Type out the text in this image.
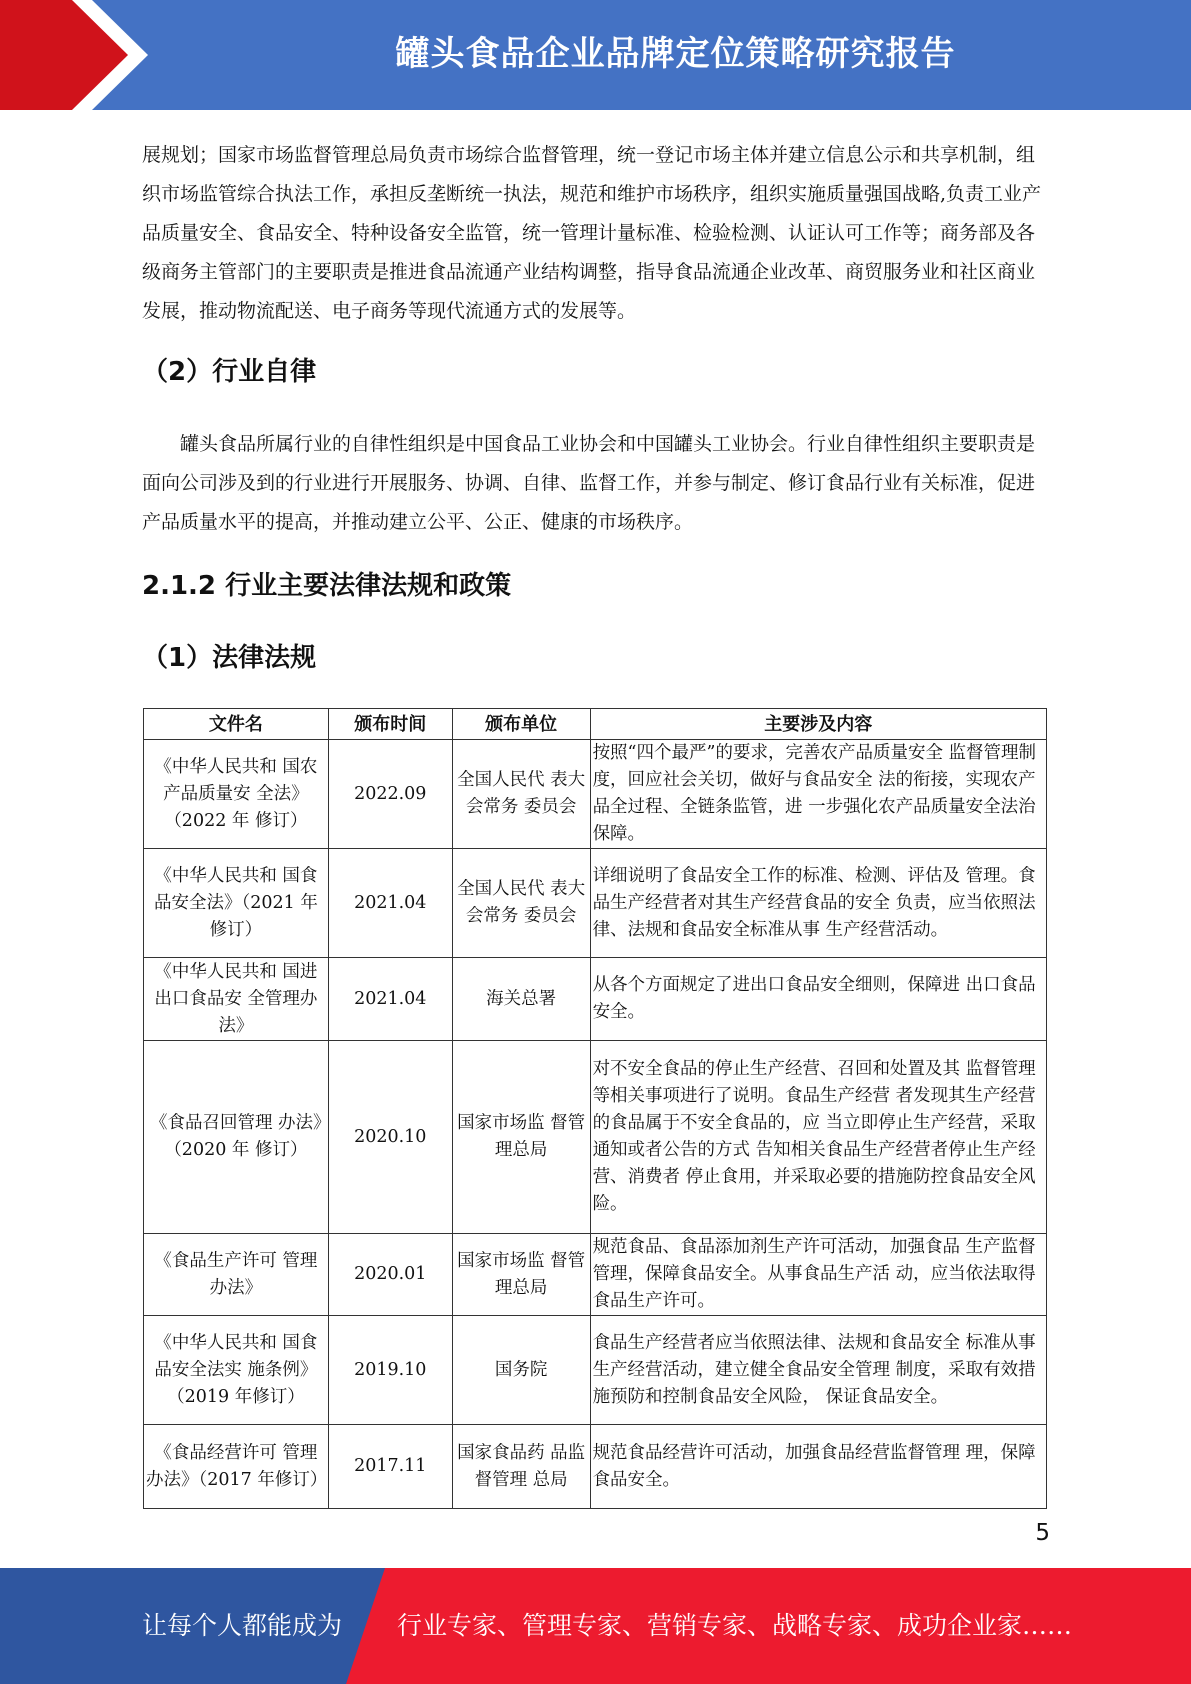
罐头食品企业品牌定位策略研究报告

展规划；国家市场监督管理总局负责市场综合监督管理，统一登记市场主体并建立信息公示和共享机制，组织市场监管综合执法工作，承担反垄断统一执法，规范和维护市场秩序，组织实施质量强国战略,负责工业产品质量安全、食品安全、特种设备安全监管，统一管理计量标准、检验检测、认证认可工作等；商务部及各级商务主管部门的主要职责是推进食品流通产业结构调整，指导食品流通企业改革、商贸服务业和社区商业发展，推动物流配送、电子商务等现代流通方式的发展等。

（2）行业自律

罐头食品所属行业的自律性组织是中国食品工业协会和中国罐头工业协会。行业自律性组织主要职责是面向公司涉及到的行业进行开展服务、协调、自律、监督工作，并参与制定、修订食品行业有关标准，促进产品质量水平的提高，并推动建立公平、公正、健康的市场秩序。

2.1.2 行业主要法律法规和政策
（1）法律法规
文件名	颁布时间	颁布单位	主要涉及内容
《中华人民共和 国农产品质量安 全法》（2022 年 修订）	2022.09	全国人民代 表大会常务 委员会	按照“四个最严”的要求，完善农产品质量安全 监督管理制度，回应社会关切，做好与食品安全 法的衔接，实现农产品全过程、全链条监管，进 一步强化农产品质量安全法治保障。
《中华人民共和 国食品安全法》（2021 年修订）	2021.04	全国人民代 表大会常务 委员会	详细说明了食品安全工作的标准、检测、评估及 管理。食品生产经营者对其生产经营食品的安全 负责，应当依照法律、法规和食品安全标准从事 生产经营活动。
《中华人民共和 国进出口食品安 全管理办法》	2021.04	海关总署	从各个方面规定了进出口食品安全细则，保障进 出口食品安全。
《食品召回管理 办法》（2020 年 修订）	2020.10	国家市场监 督管理总局	对不安全食品的停止生产经营、召回和处置及其 监督管理等相关事项进行了说明。食品生产经营 者发现其生产经营的食品属于不安全食品的，应 当立即停止生产经营，采取通知或者公告的方式 告知相关食品生产经营者停止生产经营、消费者 停止食用，并采取必要的措施防控食品安全风 险。
《食品生产许可 管理办法》	2020.01	国家市场监 督管理总局	规范食品、食品添加剂生产许可活动，加强食品 生产监督管理，保障食品安全。从事食品生产活 动，应当依法取得食品生产许可。
《中华人民共和 国食品安全法实 施条例》（2019 年修订）	2019.10	国务院	食品生产经营者应当依照法律、法规和食品安全 标准从事生产经营活动，建立健全食品安全管理 制度，采取有效措施预防和控制食品安全风险， 保证食品安全。
《食品经营许可 管理办法》（2017 年修订）	2017.11	国家食品药 品监督管理 总局	规范食品经营许可活动，加强食品经营监督管理 理，保障食品安全。
5
让每个人都能成为 行业专家、管理专家、营销专家、战略专家、成功企业家……
